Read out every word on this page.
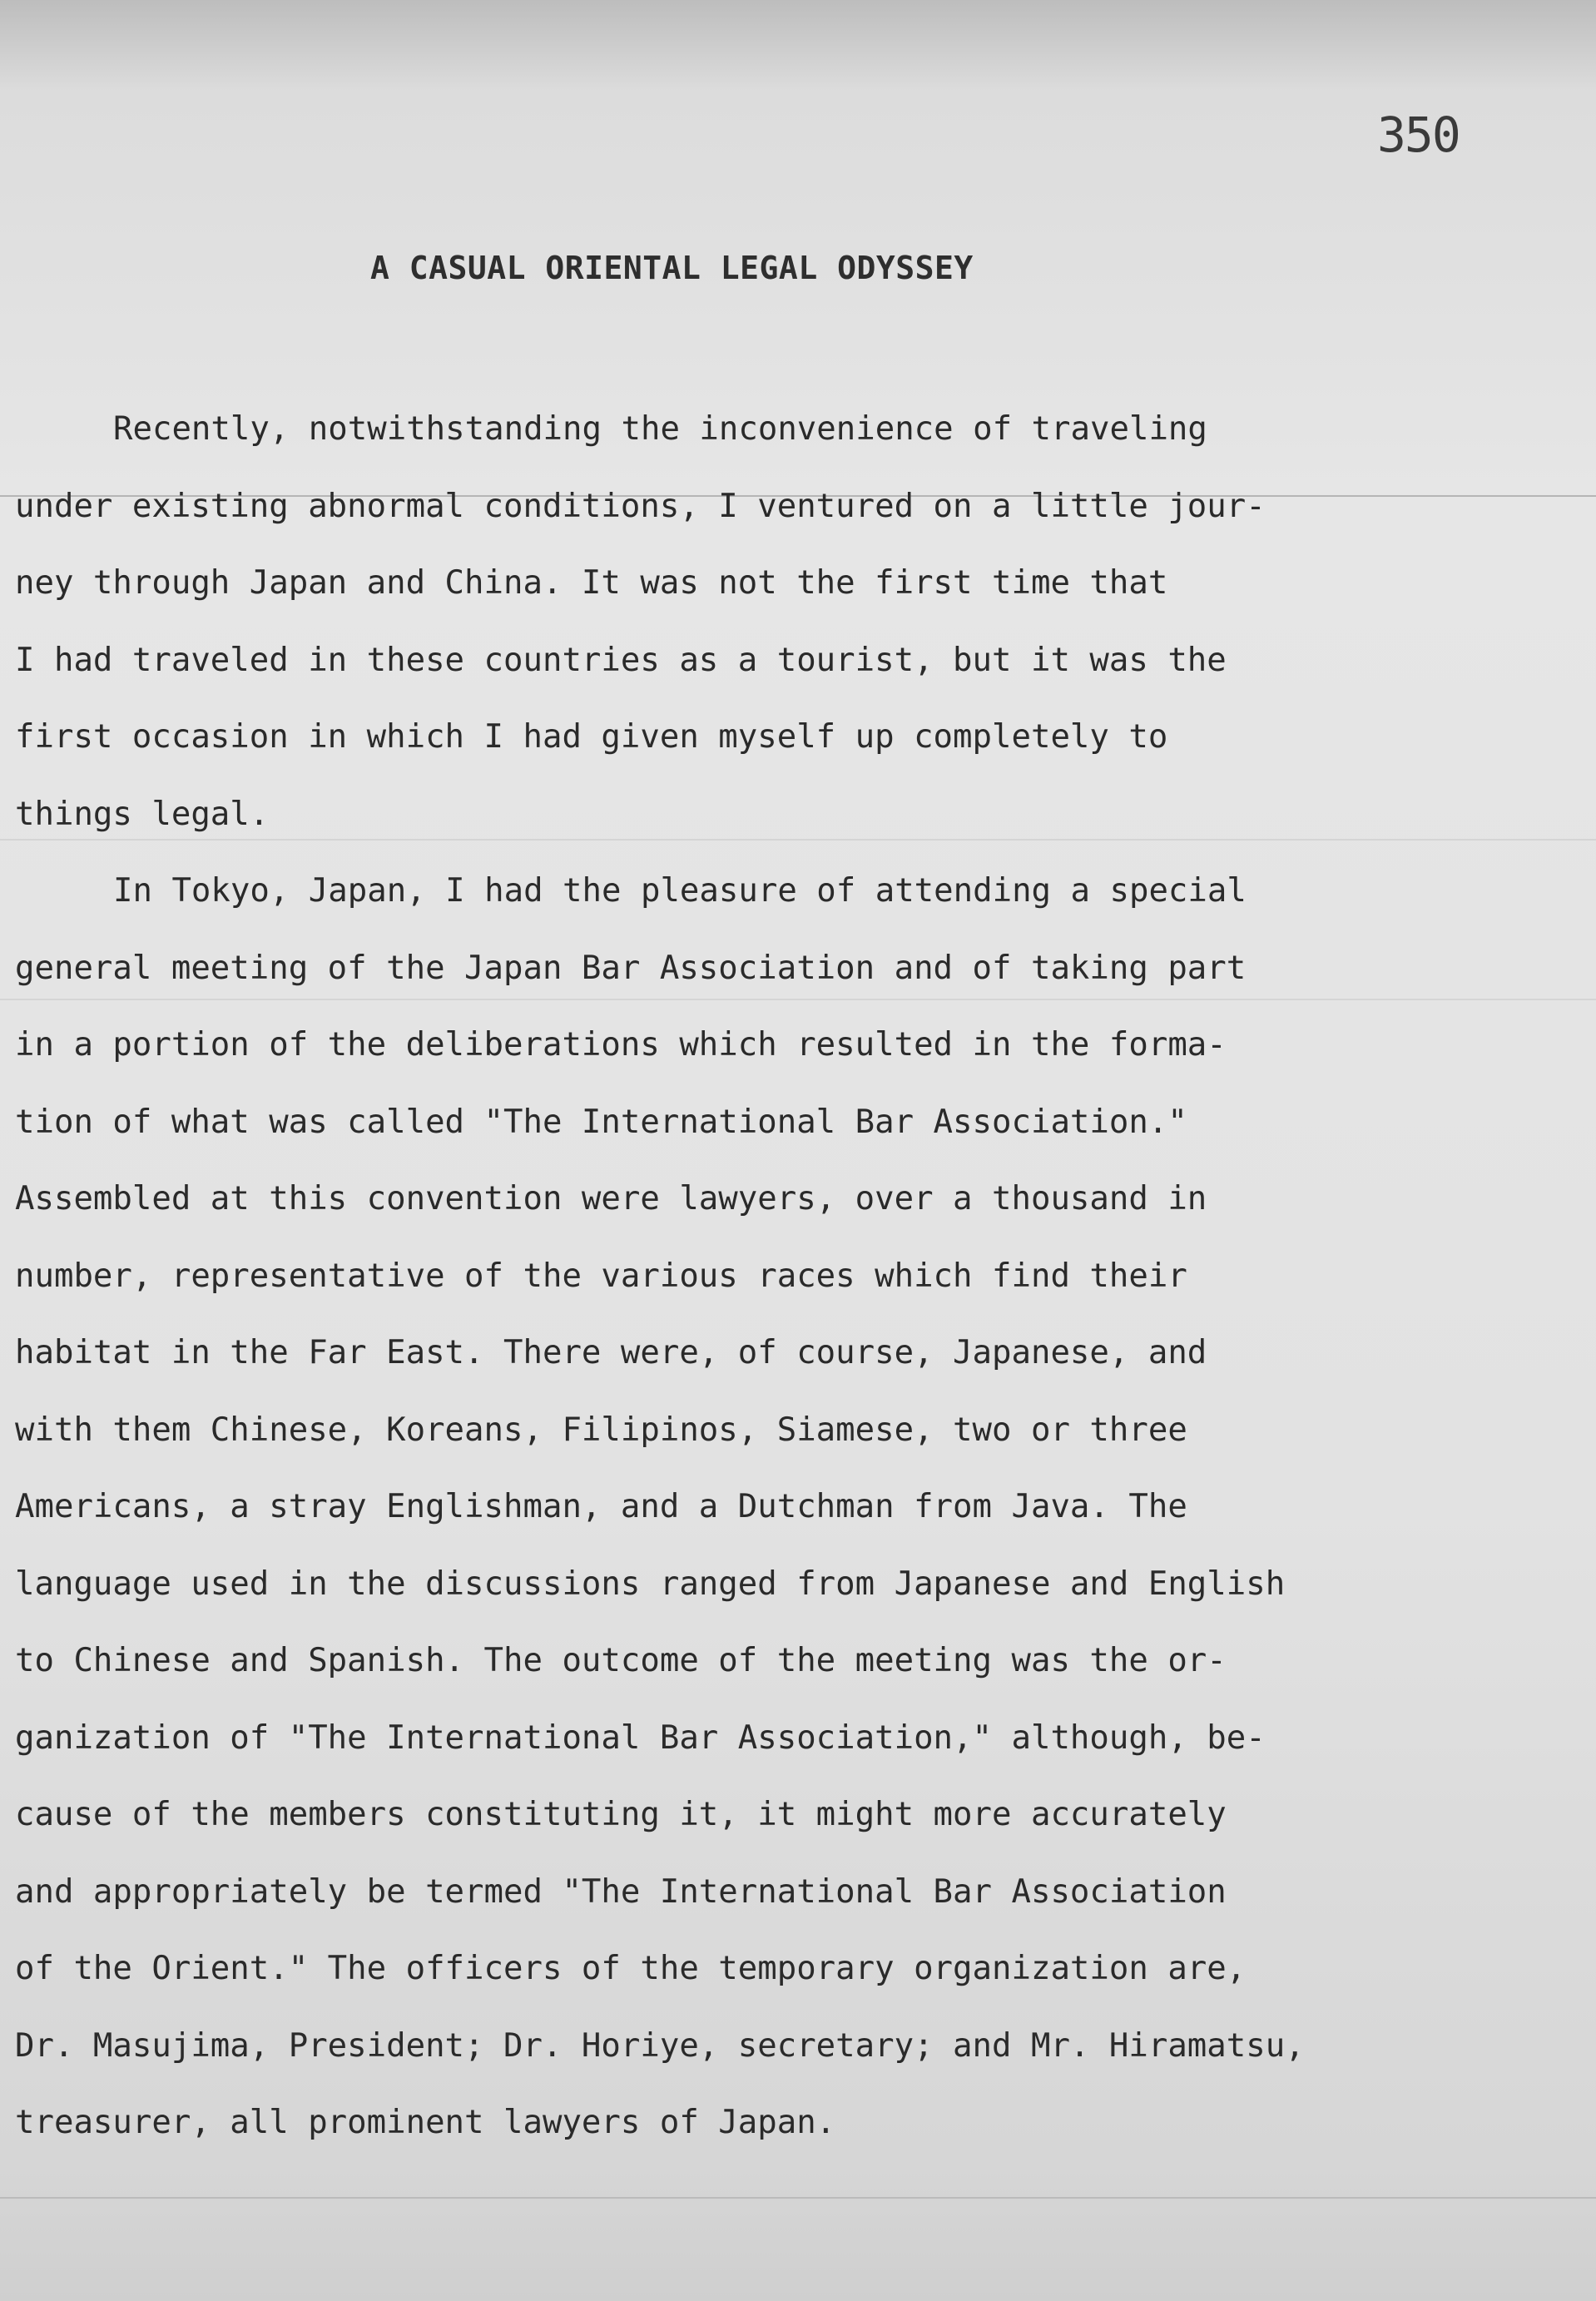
350

A CASUAL ORIENTAL LEGAL ODYSSEY
Recently, notwithstanding the inconvenience of traveling
under existing abnormal conditions, I ventured on a little jour-
ney through Japan and China. It was not the first time that
I had traveled in these countries as a tourist, but it was the
first occasion in which I had given myself up completely to
things legal.
In Tokyo, Japan, I had the pleasure of attending a special
general meeting of the Japan Bar Association and of taking part
in a portion of the deliberations which resulted in the forma-
tion of what was called "The International Bar Association."
Assembled at this convention were lawyers, over a thousand in
number, representative of the various races which find their
habitat in the Far East. There were, of course, Japanese, and
with them Chinese, Koreans, Filipinos, Siamese, two or three
Americans, a stray Englishman, and a Dutchman from Java. The
language used in the discussions ranged from Japanese and English
to Chinese and Spanish. The outcome of the meeting was the or-
ganization of "The International Bar Association," although, be-
cause of the members constituting it, it might more accurately
and appropriately be termed "The International Bar Association
of the Orient." The officers of the temporary organization are,
Dr. Masujima, President; Dr. Horiye, secretary; and Mr. Hiramatsu,
treasurer, all prominent lawyers of Japan.
